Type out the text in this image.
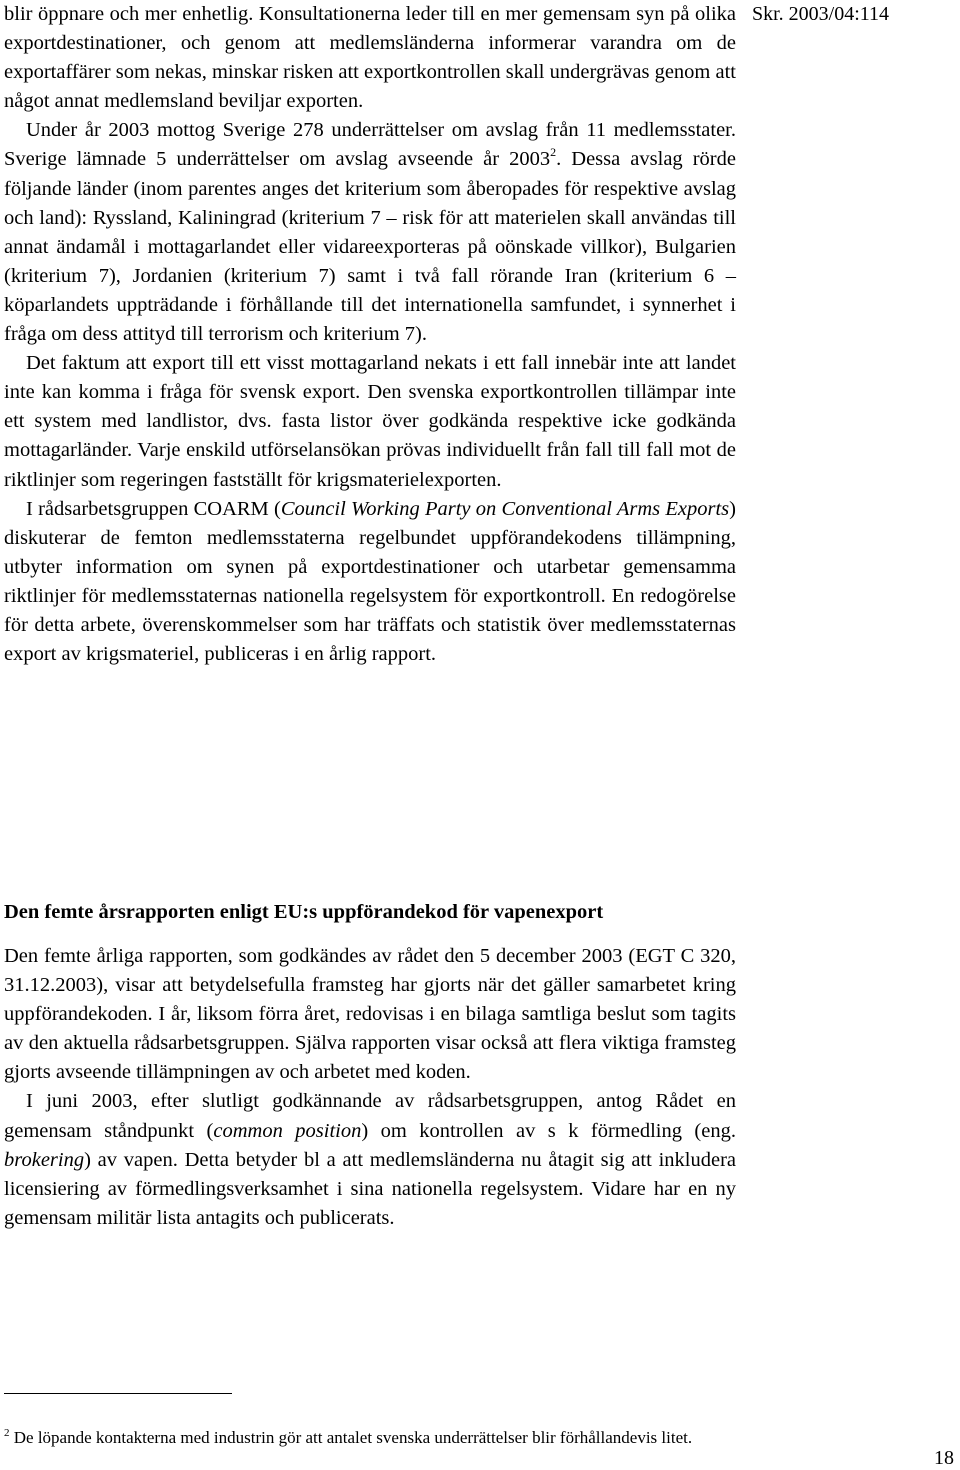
Skr. 2003/04:114

blir öppnare och mer enhetlig. Konsultationerna leder till en mer gemensam syn på olika exportdestinationer, och genom att medlemsländerna informerar varandra om de exportaffärer som nekas, minskar risken att exportkontrollen skall undergrävas genom att något annat medlemsland beviljar exporten.

Under år 2003 mottog Sverige 278 underrättelser om avslag från 11 medlemsstater. Sverige lämnade 5 underrättelser om avslag avseende år 2003$^2$. Dessa avslag rörde följande länder (inom parentes anges det kriterium som åberopades för respektive avslag och land): Ryssland, Kaliningrad (kriterium 7 – risk för att materielen skall användas till annat ändamål i mottagarlandet eller vidareexporteras på oönskade villkor), Bulgarien (kriterium 7), Jordanien (kriterium 7) samt i två fall rörande Iran (kriterium 6 – köparlandets uppträdande i förhållande till det internationella samfundet, i synnerhet i fråga om dess attityd till terrorism och kriterium 7).

Det faktum att export till ett visst mottagarland nekats i ett fall innebär inte att landet inte kan komma i fråga för svensk export. Den svenska exportkontrollen tillämpar inte ett system med landlistor, dvs. fasta listor över godkända respektive icke godkända mottagarländer. Varje enskild utförselansökan prövas individuellt från fall till fall mot de riktlinjer som regeringen fastställt för krigsmaterielexporten.

I rådsarbetsgruppen COARM (Council Working Party on Conventional Arms Exports) diskuterar de femton medlemsstaterna regelbundet uppförandekodens tillämpning, utbyter information om synen på exportdestinationer och utarbetar gemensamma riktlinjer för medlemsstaternas nationella regelsystem för exportkontroll. En redogörelse för detta arbete, överenskommelser som har träffats och statistik över medlemsstaternas export av krigsmateriel, publiceras i en årlig rapport.

Den femte årsrapporten enligt EU:s uppförandekod för vapenexport

Den femte årliga rapporten, som godkändes av rådet den 5 december 2003 (EGT C 320, 31.12.2003), visar att betydelsefulla framsteg har gjorts när det gäller samarbetet kring uppförandekoden. I år, liksom förra året, redovisas i en bilaga samtliga beslut som tagits av den aktuella rådsarbetsgruppen. Själva rapporten visar också att flera viktiga framsteg gjorts avseende tillämpningen av och arbetet med koden.

I juni 2003, efter slutligt godkännande av rådsarbetsgruppen, antog Rådet en gemensam ståndpunkt (common position) om kontrollen av s k förmedling (eng. brokering) av vapen. Detta betyder bl a att medlemsländerna nu åtagit sig att inkludera licensiering av förmedlingsverksamhet i sina nationella regelsystem. Vidare har en ny gemensam militär lista antagits och publicerats.

$^2$ De löpande kontakterna med industrin gör att antalet svenska underrättelser blir förhållandevis litet.

18
